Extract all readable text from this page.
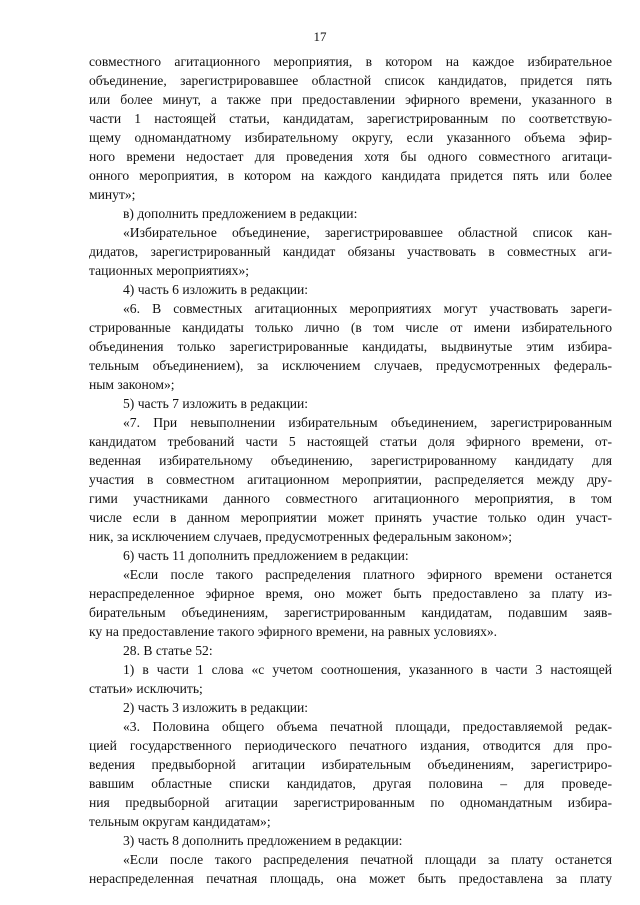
17
совместного агитационного мероприятия, в котором на каждое избирательное
объединение, зарегистрировавшее областной список кандидатов, придется пять
или более минут, а также при предоставлении эфирного времени, указанного в
части 1 настоящей статьи, кандидатам, зарегистрированным по соответствую-
щему одномандатному избирательному округу, если указанного объема эфир-
ного времени недостает для проведения хотя бы одного совместного агитаци-
онного мероприятия, в котором на каждого кандидата придется пять или более
минут»;
в) дополнить предложением в редакции:
«Избирательное объединение, зарегистрировавшее областной список кан-
дидатов, зарегистрированный кандидат обязаны участвовать в совместных аги-
тационных мероприятиях»;
4) часть 6 изложить в редакции:
«6. В совместных агитационных мероприятиях могут участвовать зареги-
стрированные кандидаты только лично (в том числе от имени избирательного
объединения только зарегистрированные кандидаты, выдвинутые этим избира-
тельным объединением), за исключением случаев, предусмотренных федераль-
ным законом»;
5) часть 7 изложить в редакции:
«7. При невыполнении избирательным объединением, зарегистрированным
кандидатом требований части 5 настоящей статьи доля эфирного времени, от-
веденная избирательному объединению, зарегистрированному кандидату для
участия в совместном агитационном мероприятии, распределяется между дру-
гими участниками данного совместного агитационного мероприятия, в том
числе если в данном мероприятии может принять участие только один участ-
ник, за исключением случаев, предусмотренных федеральным законом»;
6) часть 11 дополнить предложением в редакции:
«Если после такого распределения платного эфирного времени останется
нераспределенное эфирное время, оно может быть предоставлено за плату из-
бирательным объединениям, зарегистрированным кандидатам, подавшим заяв-
ку на предоставление такого эфирного времени, на равных условиях».
28. В статье 52:
1) в части 1 слова «с учетом соотношения, указанного в части 3 настоящей
статьи» исключить;
2) часть 3 изложить в редакции:
«3. Половина общего объема печатной площади, предоставляемой редак-
цией государственного периодического печатного издания, отводится для про-
ведения предвыборной агитации избирательным объединениям, зарегистриро-
вавшим областные списки кандидатов, другая половина – для проведе-
ния предвыборной агитации зарегистрированным по одномандатным избира-
тельным округам кандидатам»;
3) часть 8 дополнить предложением в редакции:
«Если после такого распределения печатной площади за плату останется
нераспределенная печатная площадь, она может быть предоставлена за плату
